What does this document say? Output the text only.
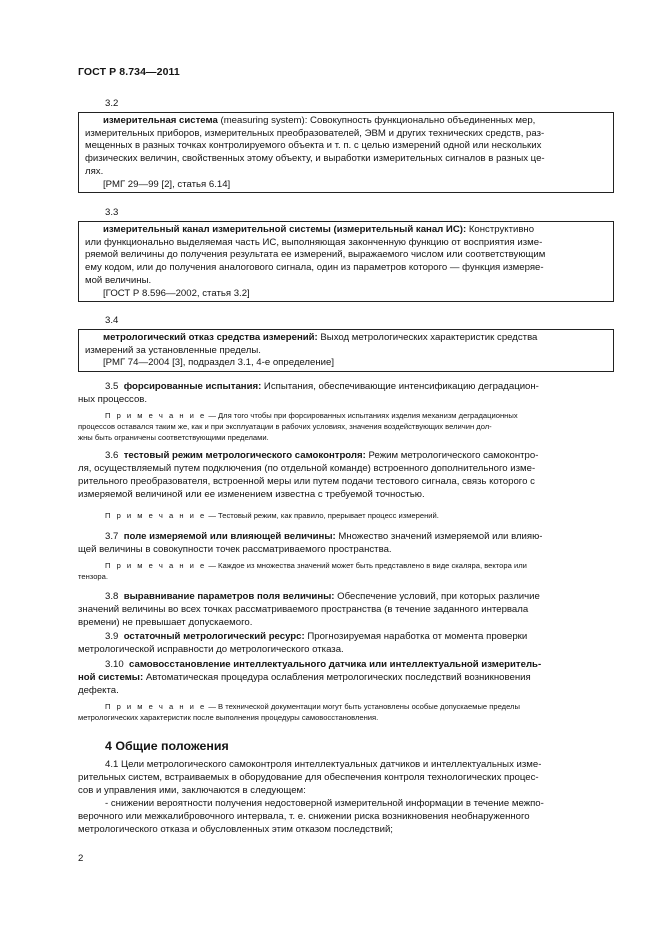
ГОСТ Р 8.734—2011
3.2

измерительная система (measuring system): Совокупность функционально объединенных мер,

измерительных приборов, измерительных преобразователей, ЭВМ и других технических средств, раз-

мещенных в разных точках контролируемого объекта и т. п. с целью измерений одной или нескольких

физических величин, свойственных этому объекту, и выработки измерительных сигналов в разных це-

лях.

[РМГ 29—99 [2], статья 6.14]

3.3

измерительный канал измерительной системы (измерительный канал ИС): Конструктивно

или функционально выделяемая часть ИС, выполняющая законченную функцию от восприятия изме-

ряемой величины до получения результата ее измерений, выражаемого числом или соответствующим

ему кодом, или до получения аналогового сигнала, один из параметров которого — функция измеряе-

мой величины.

[ГОСТ Р 8.596—2002, статья 3.2]

3.4

метрологический отказ средства измерений: Выход метрологических характеристик средства

измерений за установленные пределы.

[РМГ 74—2004 [3], подраздел 3.1, 4-е определение]

3.5 форсированные испытания: Испытания, обеспечивающие интенсификацию деградацион-
ных процессов.
П р и м е ч а н и е — Для того чтобы при форсированных испытаниях изделия механизм деградационных
процессов оставался таким же, как и при эксплуатации в рабочих условиях, значения воздействующих величин дол-
жны быть ограничены соответствующими пределами.
3.6 тестовый режим метрологического самоконтроля: Режим метрологического самоконтро-
ля, осуществляемый путем подключения (по отдельной команде) встроенного дополнительного изме-
рительного преобразователя, встроенной меры или путем подачи тестового сигнала, связь которого с
измеряемой величиной или ее изменением известна с требуемой точностью.
П р и м е ч а н и е — Тестовый режим, как правило, прерывает процесс измерений.
3.7 поле измеряемой или влияющей величины: Множество значений измеряемой или влияю-
щей величины в совокупности точек рассматриваемого пространства.
П р и м е ч а н и е — Каждое из множества значений может быть представлено в виде скаляра, вектора или
тензора.
3.8 выравнивание параметров поля величины: Обеспечение условий, при которых различие
значений величины во всех точках рассматриваемого пространства (в течение заданного интервала
времени) не превышает допускаемого.
3.9 остаточный метрологический ресурс: Прогнозируемая наработка от момента проверки
метрологической исправности до метрологического отказа.
3.10 самовосстановление интеллектуального датчика или интеллектуальной измеритель-
ной системы: Автоматическая процедура ослабления метрологических последствий возникновения
дефекта.
П р и м е ч а н и е — В технической документации могут быть установлены особые допускаемые пределы
метрологических характеристик после выполнения процедуры самовосстановления.
4 Общие положения
4.1 Цели метрологического самоконтроля интеллектуальных датчиков и интеллектуальных изме-
рительных систем, встраиваемых в оборудование для обеспечения контроля технологических процес-
сов и управления ими, заключаются в следующем:
- снижении вероятности получения недостоверной измерительной информации в течение межпо-
верочного или межкалибровочного интервала, т. е. снижении риска возникновения необнаруженного
метрологического отказа и обусловленных этим отказом последствий;
2
